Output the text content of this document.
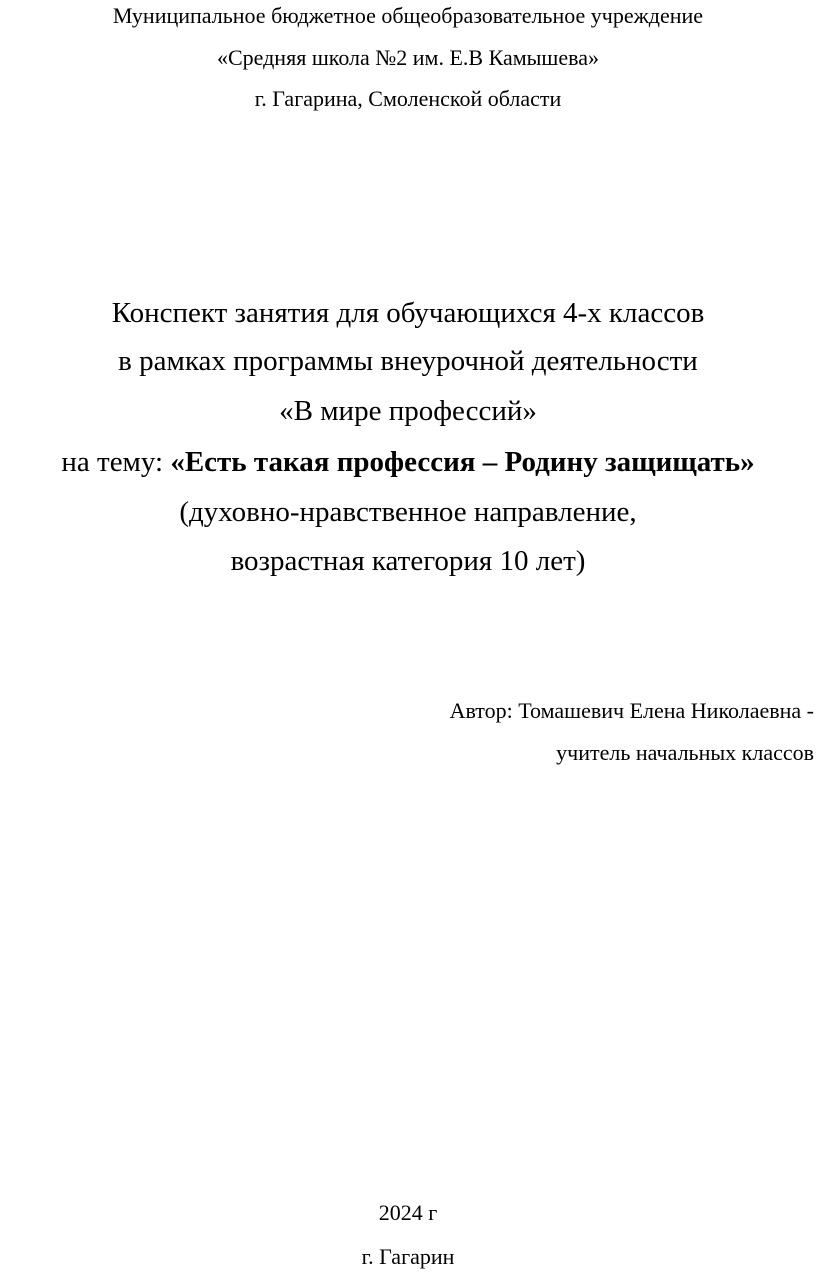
Муниципальное бюджетное общеобразовательное учреждение
«Средняя школа №2 им. Е.В Камышева»
г. Гагарина, Смоленской области
Конспект занятия для обучающихся 4-х классов
в рамках программы внеурочной деятельности
«В мире профессий»
на тему: «Есть такая профессия – Родину защищать»
(духовно-нравственное направление,
возрастная категория 10 лет)
Автор: Томашевич Елена Николаевна -
учитель начальных классов
2024 г
г. Гагарин
